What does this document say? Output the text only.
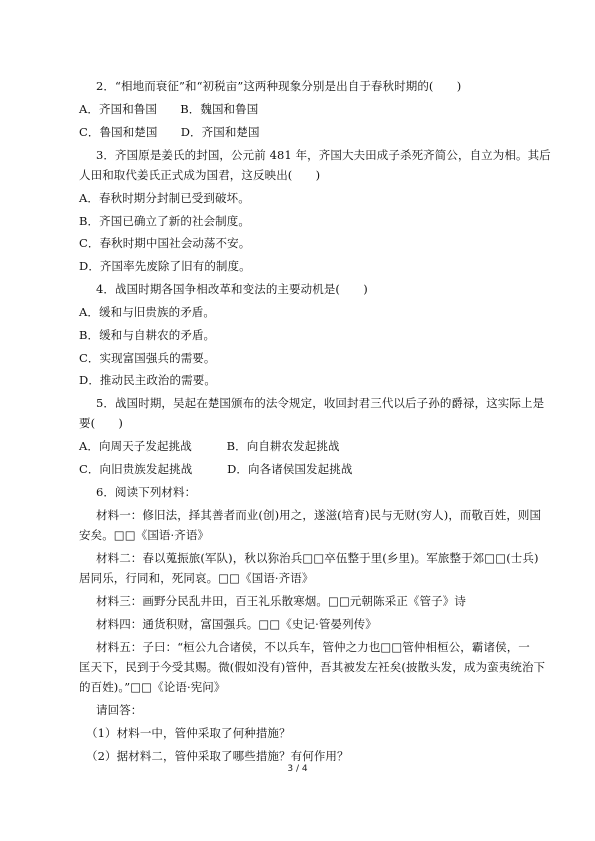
2．“相地而衰征”和“初税亩”这两种现象分别是出自于春秋时期的(　　)
A．齐国和鲁国　　B．魏国和鲁国
C．鲁国和楚国　　D．齐国和楚国
3．齐国原是姜氏的封国，公元前 481 年，齐国大夫田成子杀死齐简公，自立为相。其后
人田和取代姜氏正式成为国君，这反映出(　　)
A．春秋时期分封制已受到破坏。
B．齐国已确立了新的社会制度。
C．春秋时期中国社会动荡不安。
D．齐国率先废除了旧有的制度。
4．战国时期各国争相改革和变法的主要动机是(　　)
A．缓和与旧贵族的矛盾。
B．缓和与自耕农的矛盾。
C．实现富国强兵的需要。
D．推动民主政治的需要。
5．战国时期，吴起在楚国颁布的法令规定，收回封君三代以后子孙的爵禄，这实际上是
要(　　)
A．向周天子发起挑战　　　B．向自耕农发起挑战
C．向旧贵族发起挑战　　　D．向各诸侯国发起挑战
6．阅读下列材料：
材料一：修旧法，择其善者而业(创)用之，遂滋(培育)民与无财(穷人)，而敬百姓，则国
安矣。□□《国语·齐语》
材料二：春以蒐振旅(军队)，秋以狝治兵□□卒伍整于里(乡里)。军旅整于郊□□(士兵)
居同乐，行同和，死同哀。□□《国语·齐语》
材料三：画野分民乱井田，百王礼乐散寒烟。□□元朝陈采正《管子》诗
材料四：通货积财，富国强兵。□□《史记·管晏列传》
材料五：子曰：“桓公九合诸侯，不以兵车，管仲之力也□□管仲相桓公，霸诸侯，一
匡天下，民到于今受其赐。微(假如没有)管仲，吾其被发左衽矣(披散头发，成为蛮夷统治下
的百姓)。”□□《论语·宪问》
请回答：
（1）材料一中，管仲采取了何种措施？
（2）据材料二，管仲采取了哪些措施？有何作用？
3 / 4
